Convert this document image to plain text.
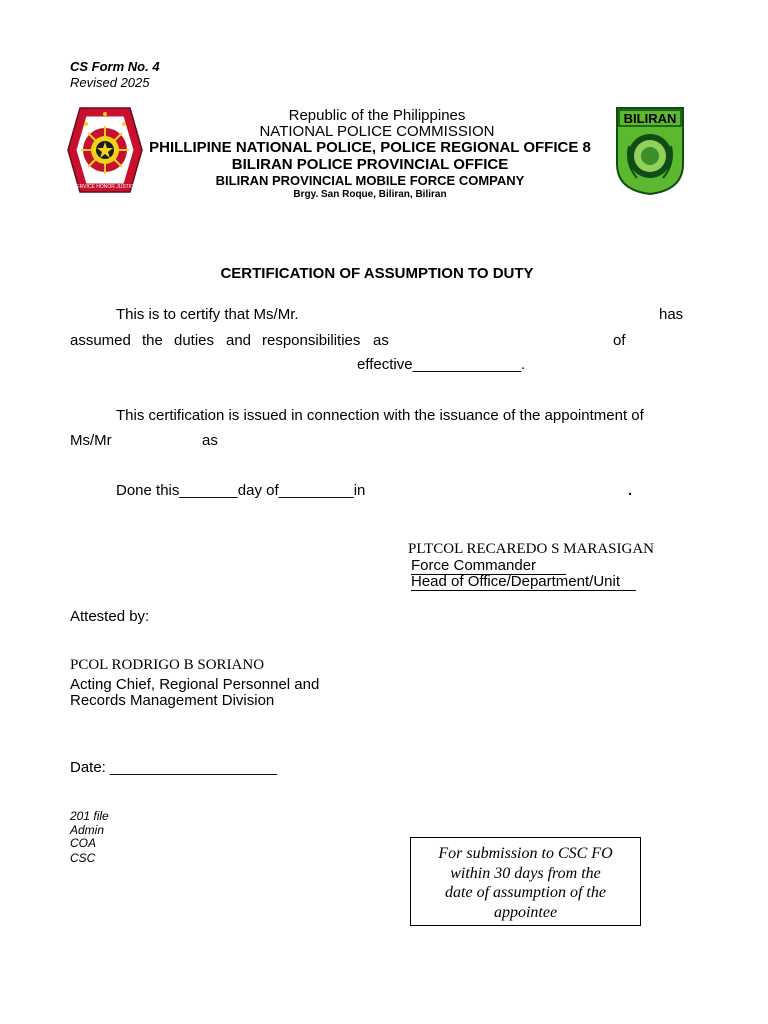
CS Form No. 4
Revised 2025
SERVICE HONOR JUSTICE
BILIRAN
Republic of the Philippines
NATIONAL POLICE COMMISSION
PHILLIPINE NATIONAL POLICE, POLICE REGIONAL OFFICE 8
BILIRAN POLICE PROVINCIAL OFFICE
BILIRAN PROVINCIAL MOBILE FORCE COMPANY
Brgy. San Roque, Biliran, Biliran
CERTIFICATION OF ASSUMPTION TO DUTY
This is to certify that Ms/Mr.	has
assumed the duties and responsibilities as	of
effective_____________.
This certification is issued in connection with the issuance of the appointment of
Ms/Mr	as
Done this_______day of_________in	.
PLTCOL RECAREDO S MARASIGAN
Force Commander
Head of Office/Department/Unit
Attested by:
PCOL RODRIGO B SORIANO
Acting Chief, Regional Personnel and
Records Management Division
Date: ____________________
201 file
Admin
COA
CSC	For submission to CSC FO
within 30 days from the
date of assumption of the
appointee
